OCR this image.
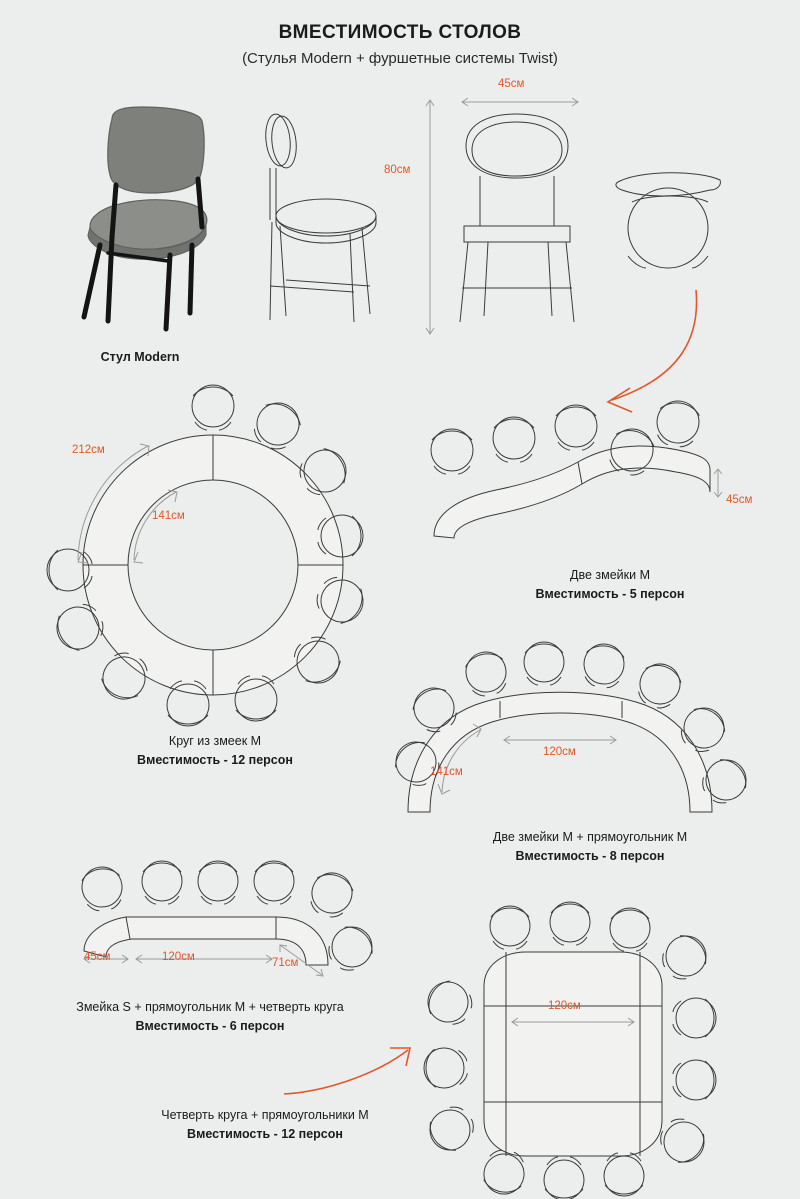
ВМЕСТИМОСТЬ СТОЛОВ
(Стулья Modern + фуршетные системы Twist)
Стул Modern
45см
80см
212см
141см
Круг из змеек М
Вместимость - 12 персон
45см
Две змейки М
Вместимость - 5 персон
120см
141см
Две змейки М + прямоугольник М
Вместимость - 8 персон
45см	120см	71см
Змейка S + прямоугольник М + четверть круга
Вместимость - 6 персон
120см
Четверть круга + прямоугольники М
Вместимость - 12 персон
